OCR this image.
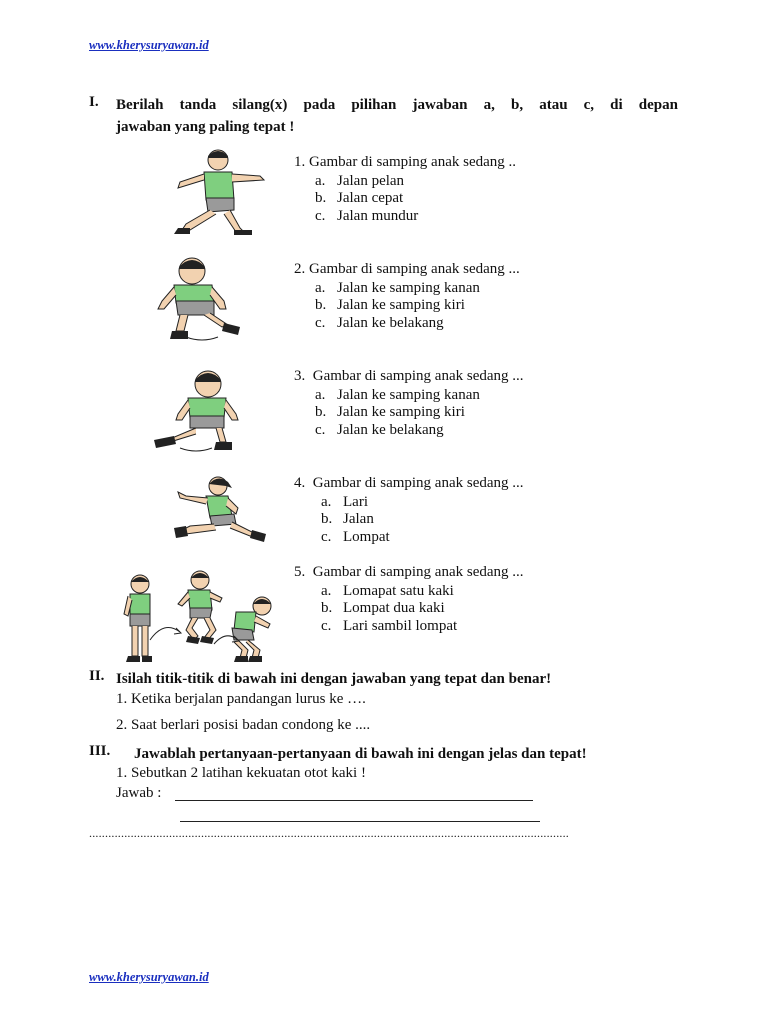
www.kherysuryawan.id
I. Berilah tanda silang(x) pada pilihan jawaban a, b, atau c, di depan
jawaban yang paling tepat !
1. Gambar di samping anak sedang ..
a. Jalan pelan
b. Jalan cepat
c. Jalan mundur
2. Gambar di samping anak sedang ...
a. Jalan ke samping kanan
b. Jalan ke samping kiri
c. Jalan ke belakang
3. Gambar di samping anak sedang ...
a. Jalan ke samping kanan
b. Jalan ke samping kiri
c. Jalan ke belakang
4. Gambar di samping anak sedang ...
a. Lari
b. Jalan
c. Lompat
5. Gambar di samping anak sedang ...
a. Lomapat satu kaki
b. Lompat dua kaki
c. Lari sambil lompat
II. Isilah titik-titik di bawah ini dengan jawaban yang tepat dan benar!
1. Ketika berjalan pandangan lurus ke ….
2. Saat berlari posisi badan condong ke ....
III. Jawablah pertanyaan-pertanyaan di bawah ini dengan jelas dan tepat!
1. Sebutkan 2 latihan kekuatan otot kaki !
Jawab :
......................................................................................................................................................
www.kherysuryawan.id
